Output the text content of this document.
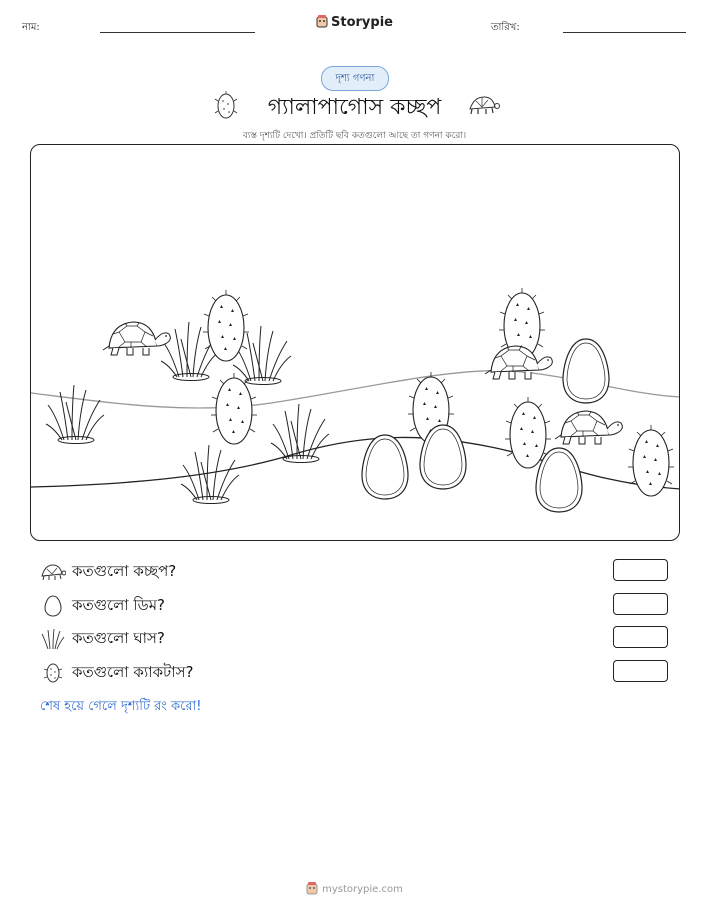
নাম:	Storypie	তারিখ:
দৃশ্য গণনা
গ্যালাপাগোস কচ্ছপ
ব্যস্ত দৃশ্যটি দেখো। প্রতিটি ছবি কতগুলো আছে তা গণনা করো।
কতগুলো কচ্ছপ?
কতগুলো ডিম?
কতগুলো ঘাস?
কতগুলো ক্যাকটাস?
শেষ হয়ে গেলে দৃশ্যটি রং করো!
mystorypie.com
